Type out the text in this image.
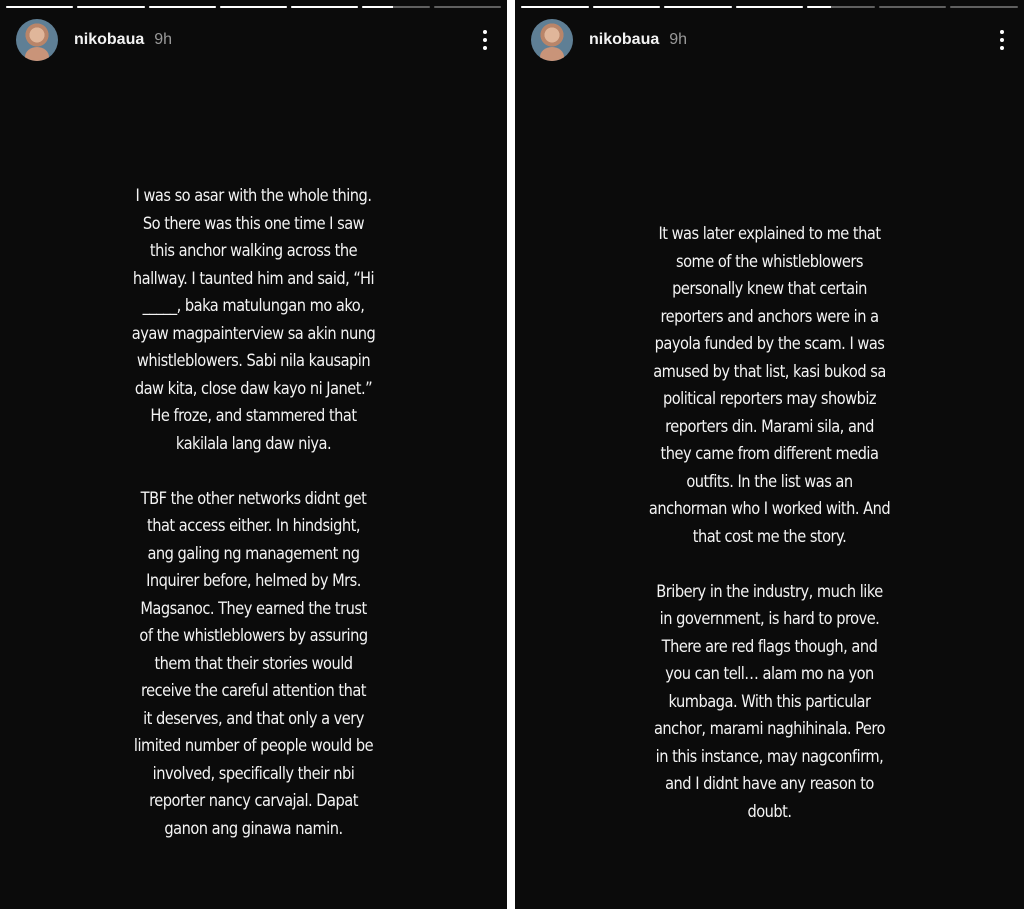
nikobaua 9h
I was so asar with the whole thing.
So there was this one time I saw
this anchor walking across the
hallway. I taunted him and said, “Hi
_____, baka matulungan mo ako,
ayaw magpainterview sa akin nung
whistleblowers. Sabi nila kausapin
daw kita, close daw kayo ni Janet.”
He froze, and stammered that
kakilala lang daw niya.
TBF the other networks didnt get
that access either. In hindsight,
ang galing ng management ng
Inquirer before, helmed by Mrs.
Magsanoc. They earned the trust
of the whistleblowers by assuring
them that their stories would
receive the careful attention that
it deserves, and that only a very
limited number of people would be
involved, specifically their nbi
reporter nancy carvajal. Dapat
ganon ang ginawa namin.
nikobaua 9h
It was later explained to me that
some of the whistleblowers
personally knew that certain
reporters and anchors were in a
payola funded by the scam. I was
amused by that list, kasi bukod sa
political reporters may showbiz
reporters din. Marami sila, and
they came from different media
outfits. In the list was an
anchorman who I worked with. And
that cost me the story.
Bribery in the industry, much like
in government, is hard to prove.
There are red flags though, and
you can tell… alam mo na yon
kumbaga. With this particular
anchor, marami naghihinala. Pero
in this instance, may nagconfirm,
and I didnt have any reason to
doubt.
